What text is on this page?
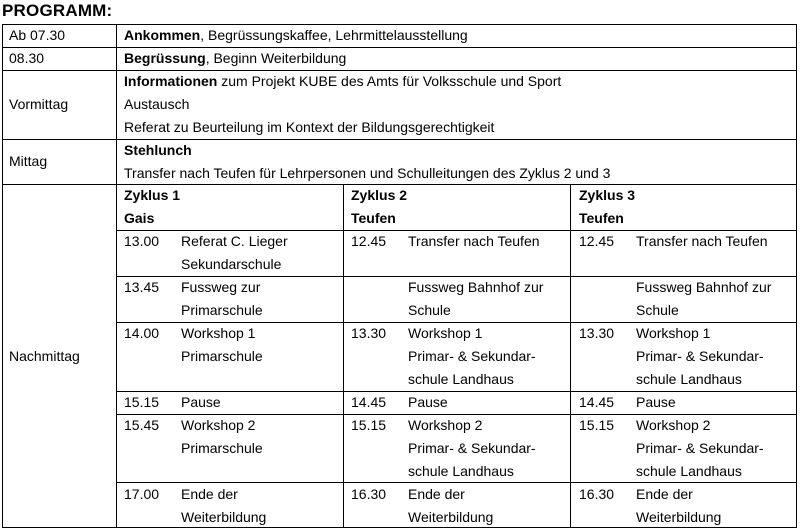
PROGRAMM:
Ab 07.30	Ankommen, Begrüssungskaffee, Lehrmittelausstellung
08.30	Begrüssung, Beginn Weiterbildung
Vormittag
Informationen zum Projekt KUBE des Amts für Volksschule und Sport
Austausch
Referat zu Beurteilung im Kontext der Bildungsgerechtigkeit
Mittag
Stehlunch
Transfer nach Teufen für Lehrpersonen und Schulleitungen des Zyklus 2 und 3
Nachmittag
Zyklus 1
Gais
13.00 Referat C. Lieger
Sekundarschule
13.45 Fussweg zur
Primarschule
14.00 Workshop 1
Primarschule
15.15 Pause
15.45 Workshop 2
Primarschule
17.00 Ende der
Weiterbildung
Zyklus 2
Teufen
12.45 Transfer nach Teufen
Fussweg Bahnhof zur
Schule
13.30 Workshop 1
Primar- & Sekundar-
schule Landhaus
14.45 Pause
15.15 Workshop 2
Primar- & Sekundar-
schule Landhaus
16.30 Ende der
Weiterbildung
Zyklus 3
Teufen
12.45 Transfer nach Teufen
Fussweg Bahnhof zur
Schule
13.30 Workshop 1
Primar- & Sekundar-
schule Landhaus
14.45 Pause
15.15 Workshop 2
Primar- & Sekundar-
schule Landhaus
16.30 Ende der
Weiterbildung
